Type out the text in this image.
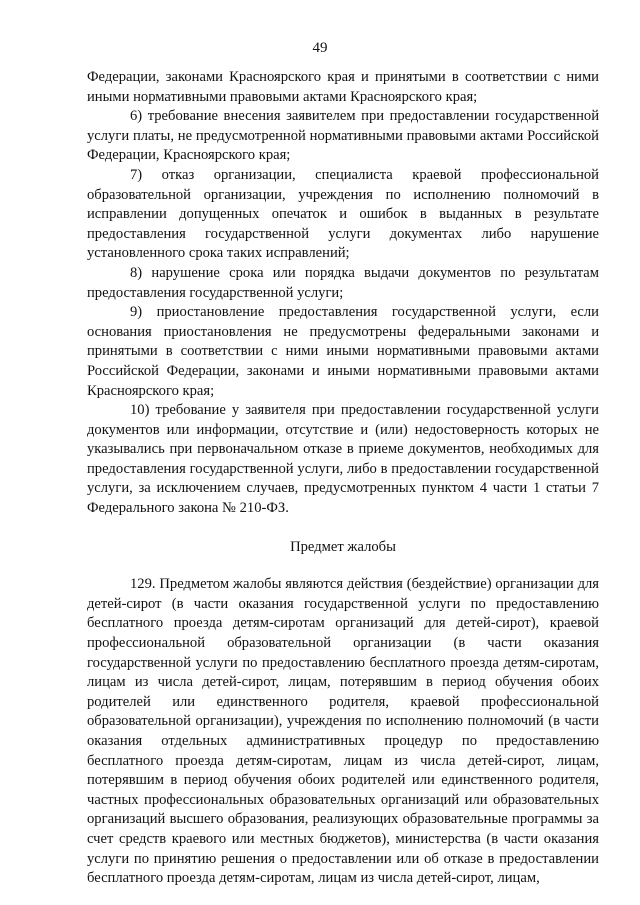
49

Федерации, законами Красноярского края и принятыми в соответствии с ними иными нормативными правовыми актами Красноярского края;

6) требование внесения заявителем при предоставлении государственной услуги платы, не предусмотренной нормативными правовыми актами Российской Федерации, Красноярского края;

7) отказ организации, специалиста краевой профессиональной образовательной организации, учреждения по исполнению полномочий в исправлении допущенных опечаток и ошибок в выданных в результате предоставления государственной услуги документах либо нарушение установленного срока таких исправлений;

8) нарушение срока или порядка выдачи документов по результатам предоставления государственной услуги;

9) приостановление предоставления государственной услуги, если основания приостановления не предусмотрены федеральными законами и принятыми в соответствии с ними иными нормативными правовыми актами Российской Федерации, законами и иными нормативными правовыми актами Красноярского края;

10) требование у заявителя при предоставлении государственной услуги документов или информации, отсутствие и (или) недостоверность которых не указывались при первоначальном отказе в приеме документов, необходимых для предоставления государственной услуги, либо в предоставлении государственной услуги, за исключением случаев, предусмотренных пунктом 4 части 1 статьи 7 Федерального закона № 210-ФЗ.

Предмет жалобы

129. Предметом жалобы являются действия (бездействие) организации для детей-сирот (в части оказания государственной услуги по предоставлению бесплатного проезда детям-сиротам организаций для детей-сирот), краевой профессиональной образовательной организации (в части оказания государственной услуги по предоставлению бесплатного проезда детям-сиротам, лицам из числа детей-сирот, лицам, потерявшим в период обучения обоих родителей или единственного родителя, краевой профессиональной образовательной организации), учреждения по исполнению полномочий (в части оказания отдельных административных процедур по предоставлению бесплатного проезда детям-сиротам, лицам из числа детей-сирот, лицам, потерявшим в период обучения обоих родителей или единственного родителя, частных профессиональных образовательных организаций или образовательных организаций высшего образования, реализующих образовательные программы за счет средств краевого или местных бюджетов), министерства (в части оказания услуги по принятию решения о предоставлении или об отказе в предоставлении бесплатного проезда детям-сиротам, лицам из числа детей-сирот, лицам,
